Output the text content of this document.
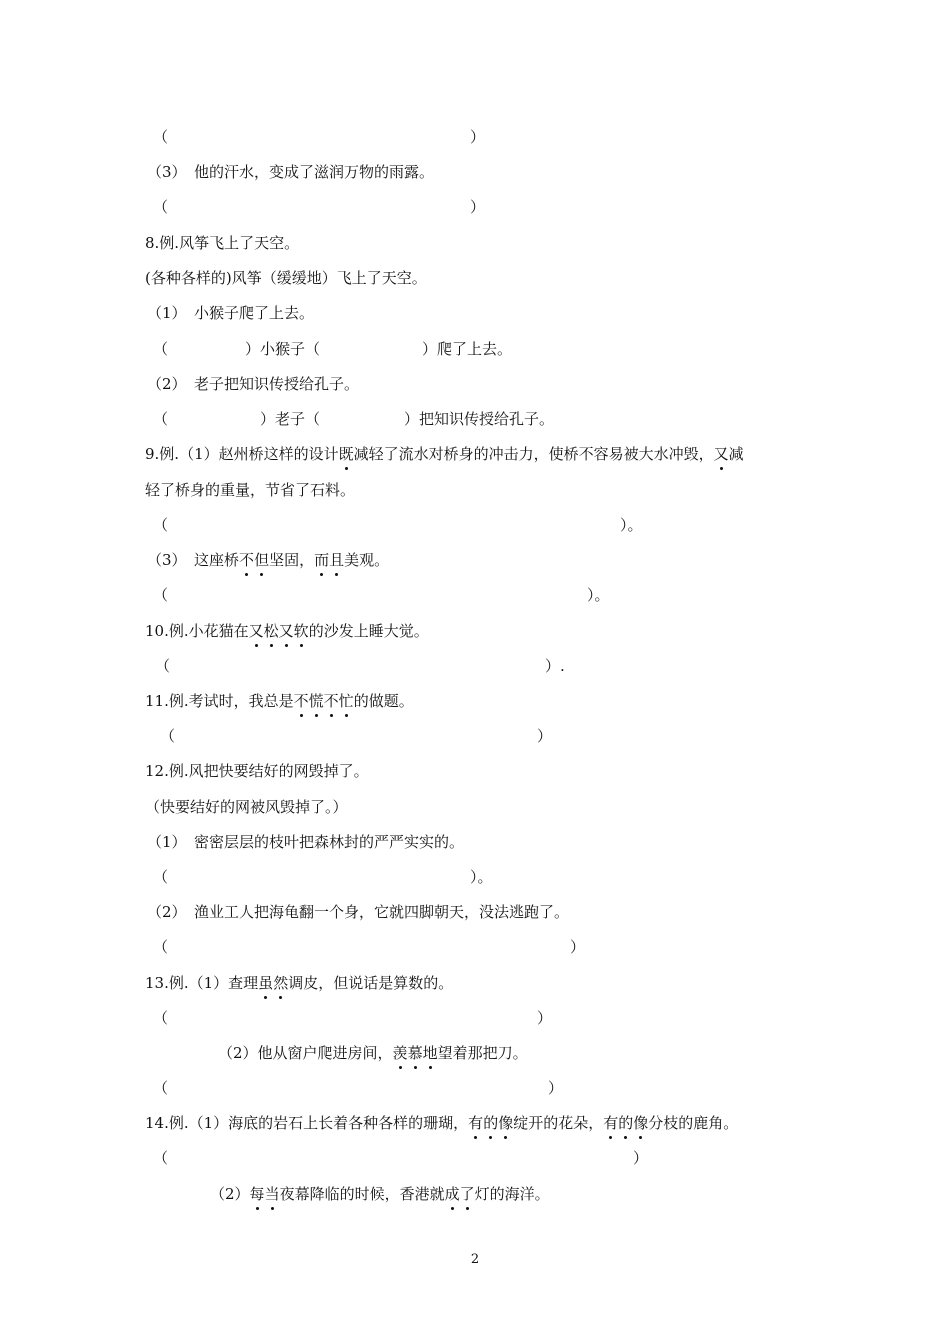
（	）
（3）　他的汗水，变成了滋润万物的雨露。
（	）
8.例.风筝飞上了天空。
(各种各样的)风筝（缓缓地）飞上了天空。
（1）　小猴子爬了上去。
（	）小猴子（	）爬了上去。
（2）　老子把知识传授给孔子。
（	）老子（	）把知识传授给孔子。
9.例.（1）赵州桥这样的设计既减轻了流水对桥身的冲击力，使桥不容易被大水冲毁，又减
轻了桥身的重量，节省了石料。
（	）。
（3）　这座桥不但坚固，而且美观。
（	）。
10.例.小花猫在又松又软的沙发上睡大觉。
（	）.
11.例.考试时，我总是不慌不忙的做题。
（	）
12.例.风把快要结好的网毁掉了。
（快要结好的网被风毁掉了。）
（1）　密密层层的枝叶把森林封的严严实实的。
（	）。
（2）　渔业工人把海龟翻一个身，它就四脚朝天，没法逃跑了。
（	）
13.例.（1）查理虽然调皮，但说话是算数的。
（	）
（2）他从窗户爬进房间，羡慕地望着那把刀。
（	）
14.例.（1）海底的岩石上长着各种各样的珊瑚，有的像绽开的花朵，有的像分枝的鹿角。
（	）
（2）每当夜幕降临的时候，香港就成了灯的海洋。
2
